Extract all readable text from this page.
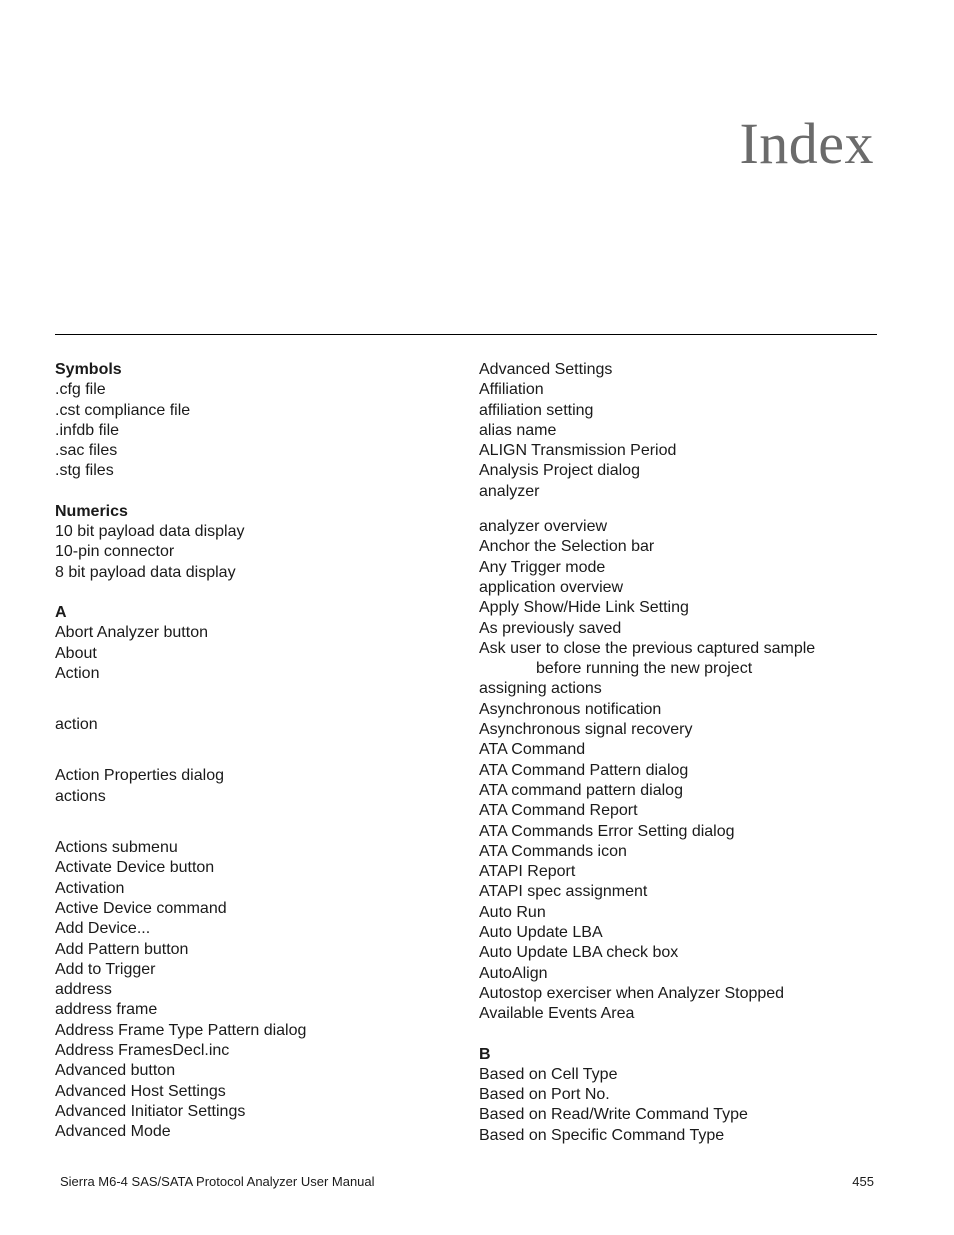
Index
Symbols
.cfg file
.cst compliance file
.infdb file
.sac files
.stg files
Numerics
10 bit payload data display
10-pin connector
8 bit payload data display
A
Abort Analyzer button
About
Action
action
Action Properties dialog
actions
Actions submenu
Activate Device button
Activation
Active Device command
Add Device...
Add Pattern button
Add to Trigger
address
address frame
Address Frame Type Pattern dialog
Address FramesDecl.inc
Advanced button
Advanced Host Settings
Advanced Initiator Settings
Advanced Mode
Advanced Settings
Affiliation
affiliation setting
alias name
ALIGN Transmission Period
Analysis Project dialog
analyzer
analyzer overview
Anchor the Selection bar
Any Trigger mode
application overview
Apply Show/Hide Link Setting
As previously saved
Ask user to close the previous captured sample
before running the new project
assigning actions
Asynchronous notification
Asynchronous signal recovery
ATA Command
ATA Command Pattern dialog
ATA command pattern dialog
ATA Command Report
ATA Commands Error Setting dialog
ATA Commands icon
ATAPI Report
ATAPI spec assignment
Auto Run
Auto Update LBA
Auto Update LBA check box
AutoAlign
Autostop exerciser when Analyzer Stopped
Available Events Area
B
Based on Cell Type
Based on Port No.
Based on Read/Write Command Type
Based on Specific Command Type
Sierra M6-4 SAS/SATA Protocol Analyzer User Manual	455
